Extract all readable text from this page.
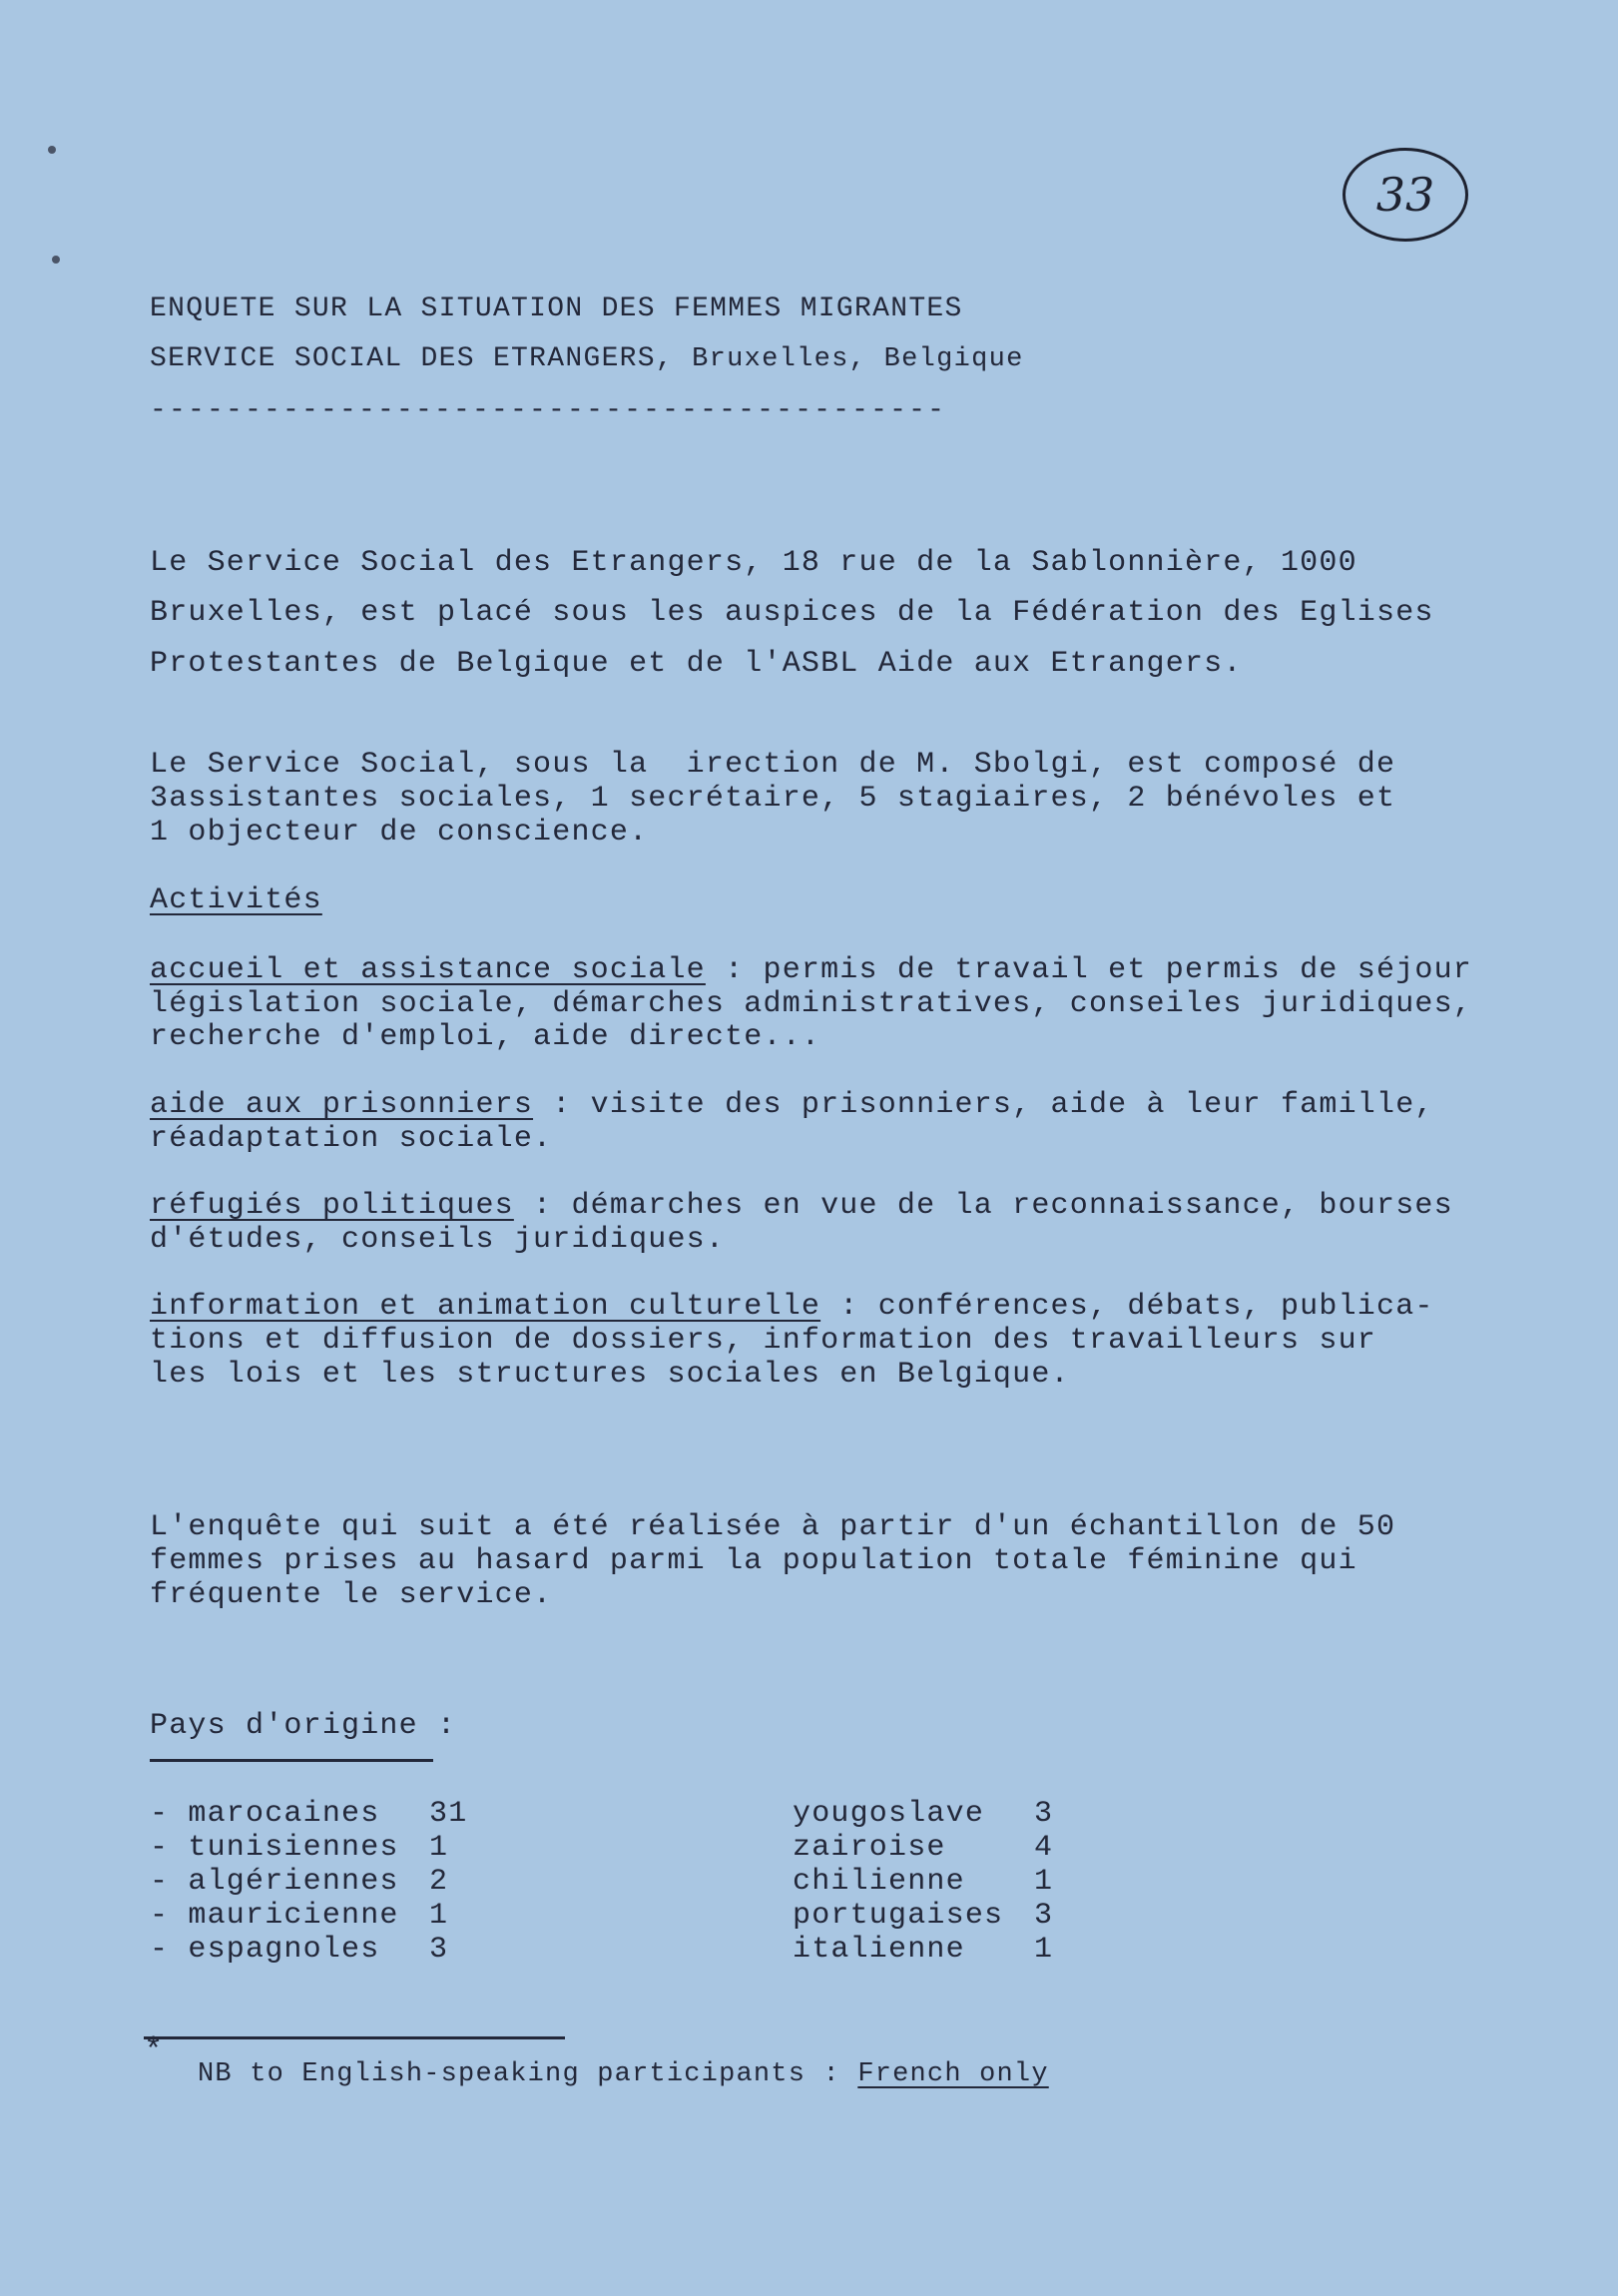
33
ENQUETE SUR LA SITUATION DES FEMMES MIGRANTES
SERVICE SOCIAL DES ETRANGERS, Bruxelles, Belgique
------------------------------------------
Le Service Social des Etrangers, 18 rue de la Sablonnière, 1000
Bruxelles, est placé sous les auspices de la Fédération des Eglises
Protestantes de Belgique et de l'ASBL Aide aux Etrangers.
Le Service Social, sous la  irection de M. Sbolgi, est composé de
3assistantes sociales, 1 secrétaire, 5 stagiaires, 2 bénévoles et
1 objecteur de conscience.
Activités
accueil et assistance sociale : permis de travail et permis de séjour
législation sociale, démarches administratives, conseiles juridiques,
recherche d'emploi, aide directe...
aide aux prisonniers : visite des prisonniers, aide à leur famille,
réadaptation sociale.
réfugiés politiques : démarches en vue de la reconnaissance, bourses
d'études, conseils juridiques.
information et animation culturelle : conférences, débats, publica-
tions et diffusion de dossiers, information des travailleurs sur
les lois et les structures sociales en Belgique.
L'enquête qui suit a été réalisée à partir d'un échantillon de 50
femmes prises au hasard parmi la population totale féminine qui
fréquente le service.
Pays d'origine :
- marocaines 31
- tunisiennes 1
- algériennes 2
- mauricienne 1
- espagnoles 3
yougoslave 3
zairoise	4
chilienne 1
portugaises 3
italienne 1
*
NB to English-speaking participants : French only
